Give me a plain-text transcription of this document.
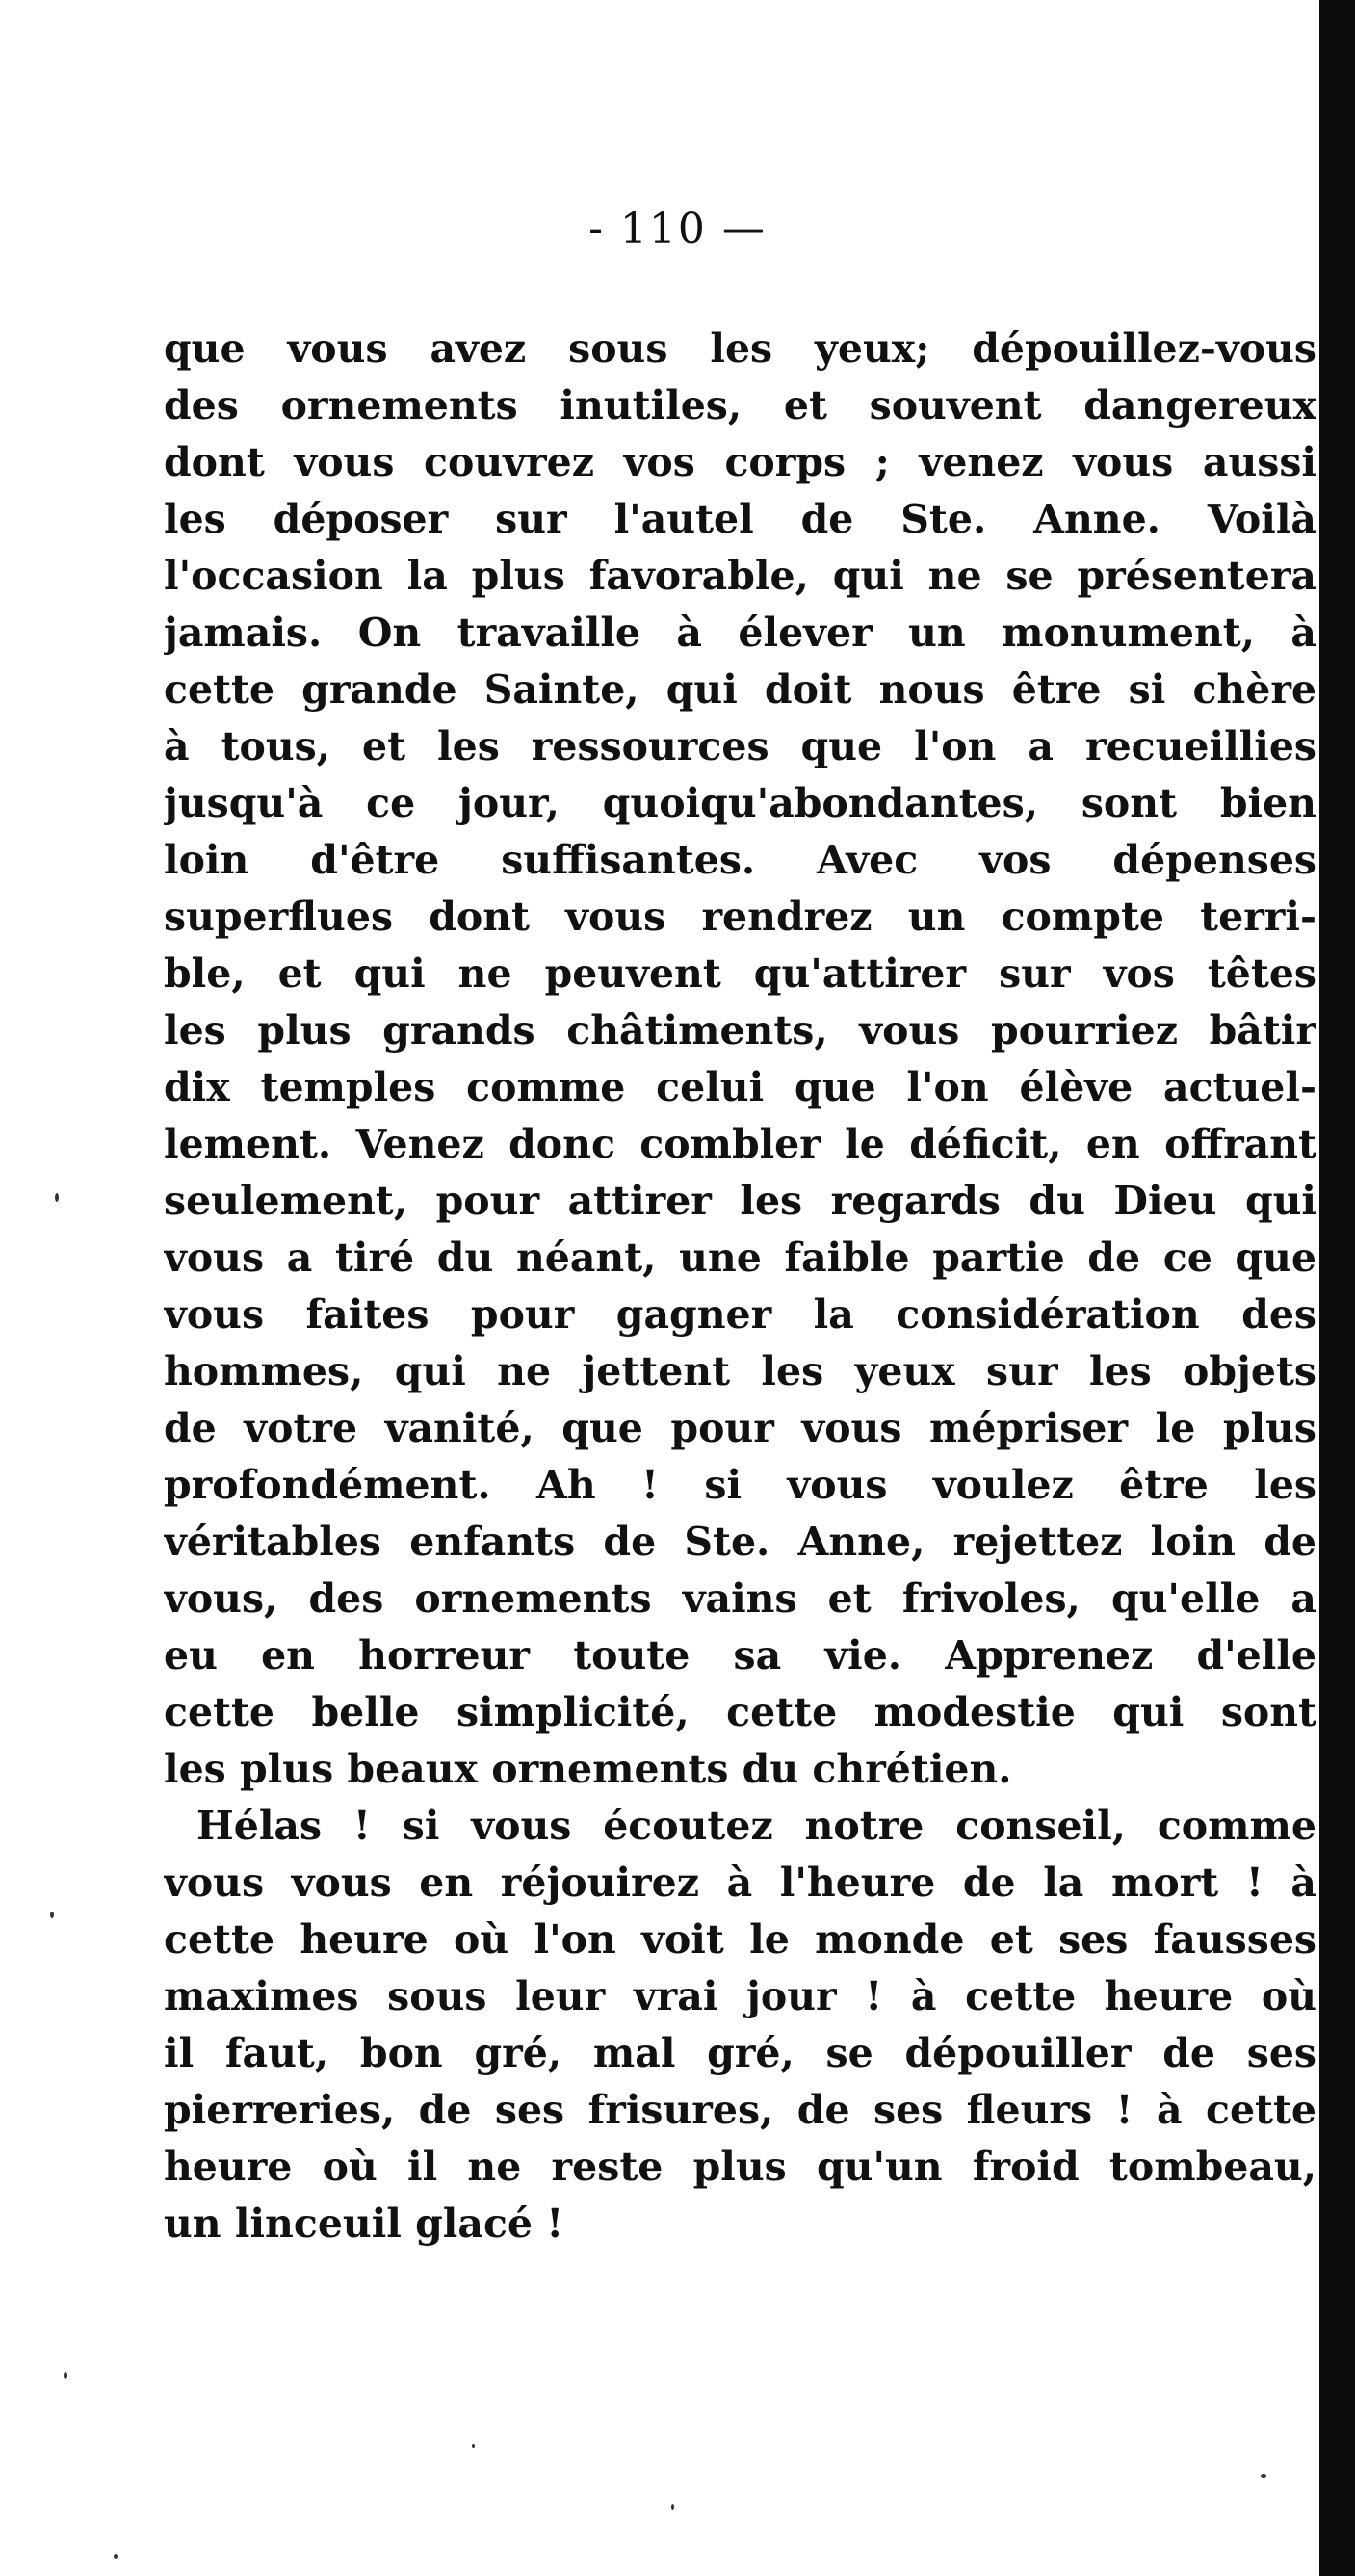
- 110 —
que vous avez sous les yeux; dépouillez-vous
des ornements inutiles, et souvent dangereux
dont vous couvrez vos corps ; venez vous aussi
les déposer sur l'autel de Ste. Anne. Voilà
l'occasion la plus favorable, qui ne se présentera
jamais. On travaille à élever un monument, à
cette grande Sainte, qui doit nous être si chère
à tous, et les ressources que l'on a recueillies
jusqu'à ce jour, quoiqu'abondantes, sont bien
loin d'être suffisantes. Avec vos dépenses
superflues dont vous rendrez un compte terri-
ble, et qui ne peuvent qu'attirer sur vos têtes
les plus grands châtiments, vous pourriez bâtir
dix temples comme celui que l'on élève actuel-
lement. Venez donc combler le déficit, en offrant
seulement, pour attirer les regards du Dieu qui
vous a tiré du néant, une faible partie de ce que
vous faites pour gagner la considération des
hommes, qui ne jettent les yeux sur les objets
de votre vanité, que pour vous mépriser le plus
profondément. Ah ! si vous voulez être les
véritables enfants de Ste. Anne, rejettez loin de
vous, des ornements vains et frivoles, qu'elle a
eu en horreur toute sa vie. Apprenez d'elle
cette belle simplicité, cette modestie qui sont
les plus beaux ornements du chrétien.
Hélas ! si vous écoutez notre conseil, comme
vous vous en réjouirez à l'heure de la mort ! à
cette heure où l'on voit le monde et ses fausses
maximes sous leur vrai jour ! à cette heure où
il faut, bon gré, mal gré, se dépouiller de ses
pierreries, de ses frisures, de ses fleurs ! à cette
heure où il ne reste plus qu'un froid tombeau,
un linceuil glacé !
